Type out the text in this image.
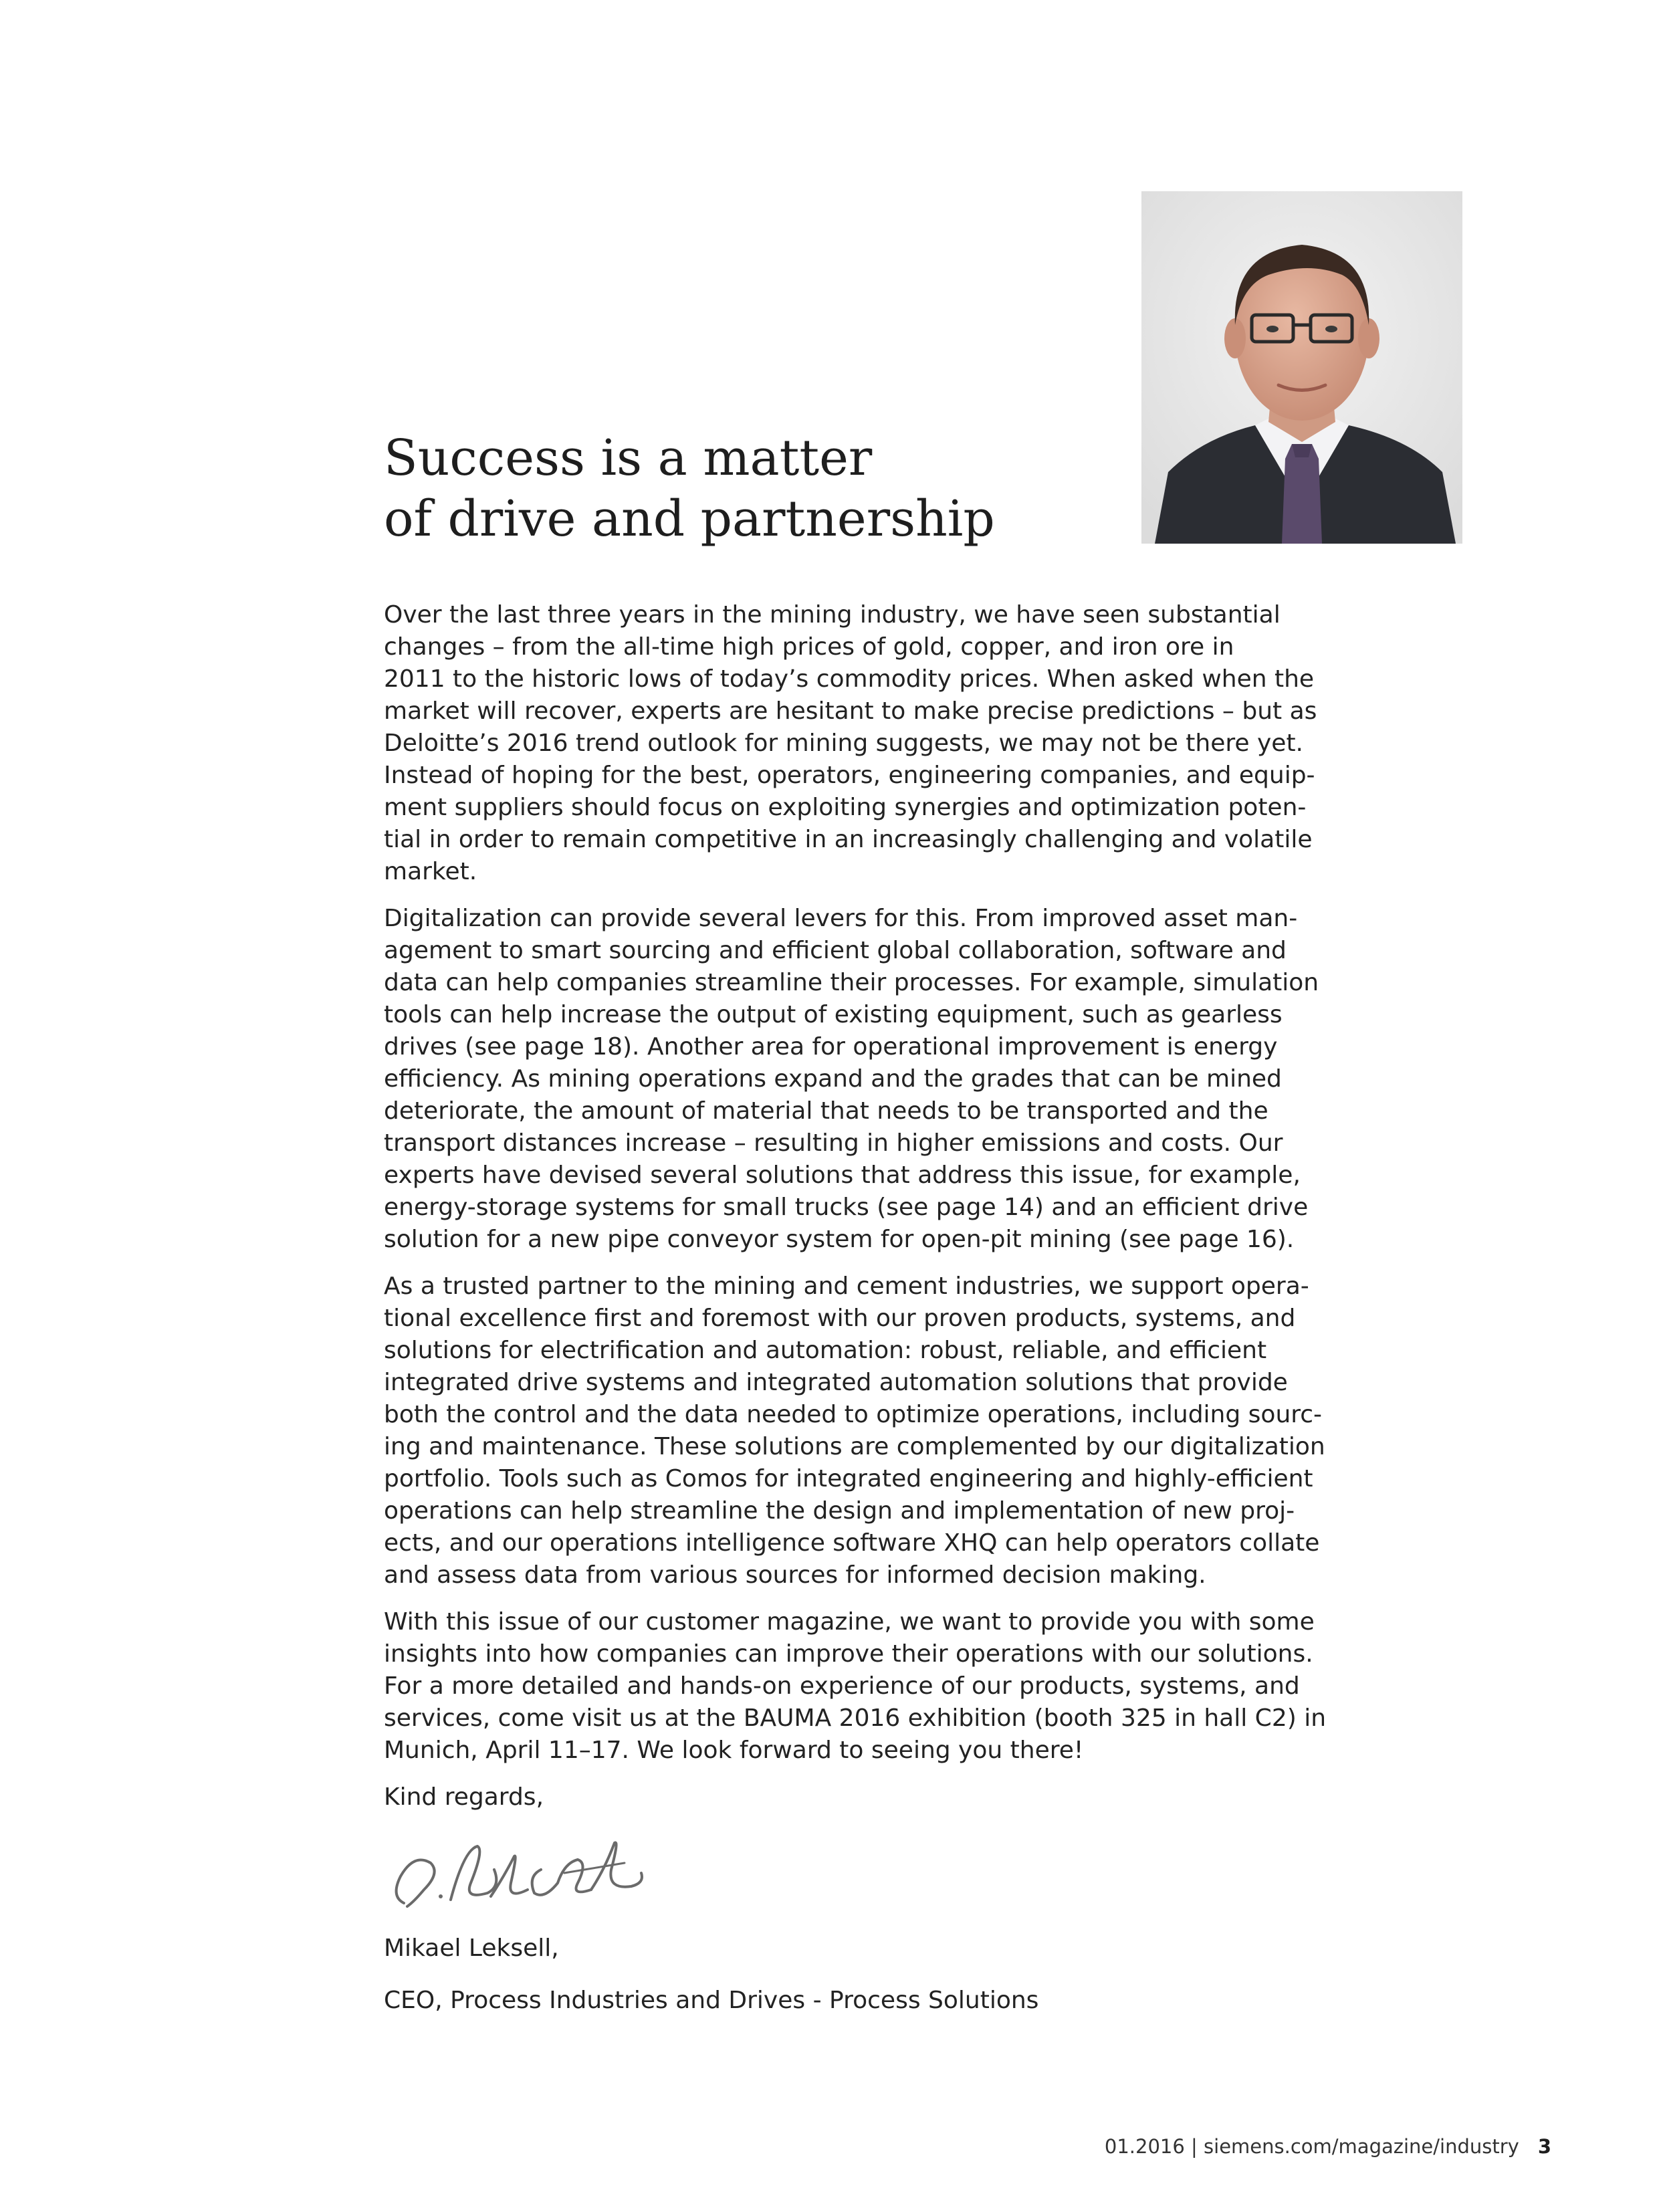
Success is a matter
of drive and partnership

Over the last three years in the mining industry, we have seen substantial
changes – from the all-time high prices of gold, copper, and iron ore in
2011 to the historic lows of today’s commodity prices. When asked when the
market will recover, experts are hesitant to make precise predictions – but as
Deloitte’s 2016 trend outlook for mining suggests, we may not be there yet.
Instead of hoping for the best, operators, engineering companies, and equip-
ment suppliers should focus on exploiting synergies and optimization poten-
tial in order to remain competitive in an increasingly challenging and volatile
market.

Digitalization can provide several levers for this. From improved asset man-
agement to smart sourcing and efficient global collaboration, software and
data can help companies streamline their processes. For example, simulation
tools can help increase the output of existing equipment, such as gearless
drives (see page 18). Another area for operational improvement is energy
efficiency. As mining operations expand and the grades that can be mined
deteriorate, the amount of material that needs to be transported and the
transport distances increase – resulting in higher emissions and costs. Our
experts have devised several solutions that address this issue, for example,
energy-storage systems for small trucks (see page 14) and an efficient drive
solution for a new pipe conveyor system for open-pit mining (see page 16).

As a trusted partner to the mining and cement industries, we support opera-
tional excellence first and foremost with our proven products, systems, and
solutions for electrification and automation: robust, reliable, and efficient
integrated drive systems and integrated automation solutions that provide
both the control and the data needed to optimize operations, including sourc-
ing and maintenance. These solutions are complemented by our digitalization
portfolio. Tools such as Comos for integrated engineering and highly-efficient
operations can help streamline the design and implementation of new proj-
ects, and our operations intelligence software XHQ can help operators collate
and assess data from various sources for informed decision making.

With this issue of our customer magazine, we want to provide you with some
insights into how companies can improve their operations with our solutions.
For a more detailed and hands-on experience of our products, systems, and
services, come visit us at the BAUMA 2016 exhibition (booth 325 in hall C2) in
Munich, April 11–17. We look forward to seeing you there!

Kind regards,

Mikael Leksell,

CEO, Process Industries and Drives - Process Solutions

01.2016 | siemens.com/magazine/industry 3
